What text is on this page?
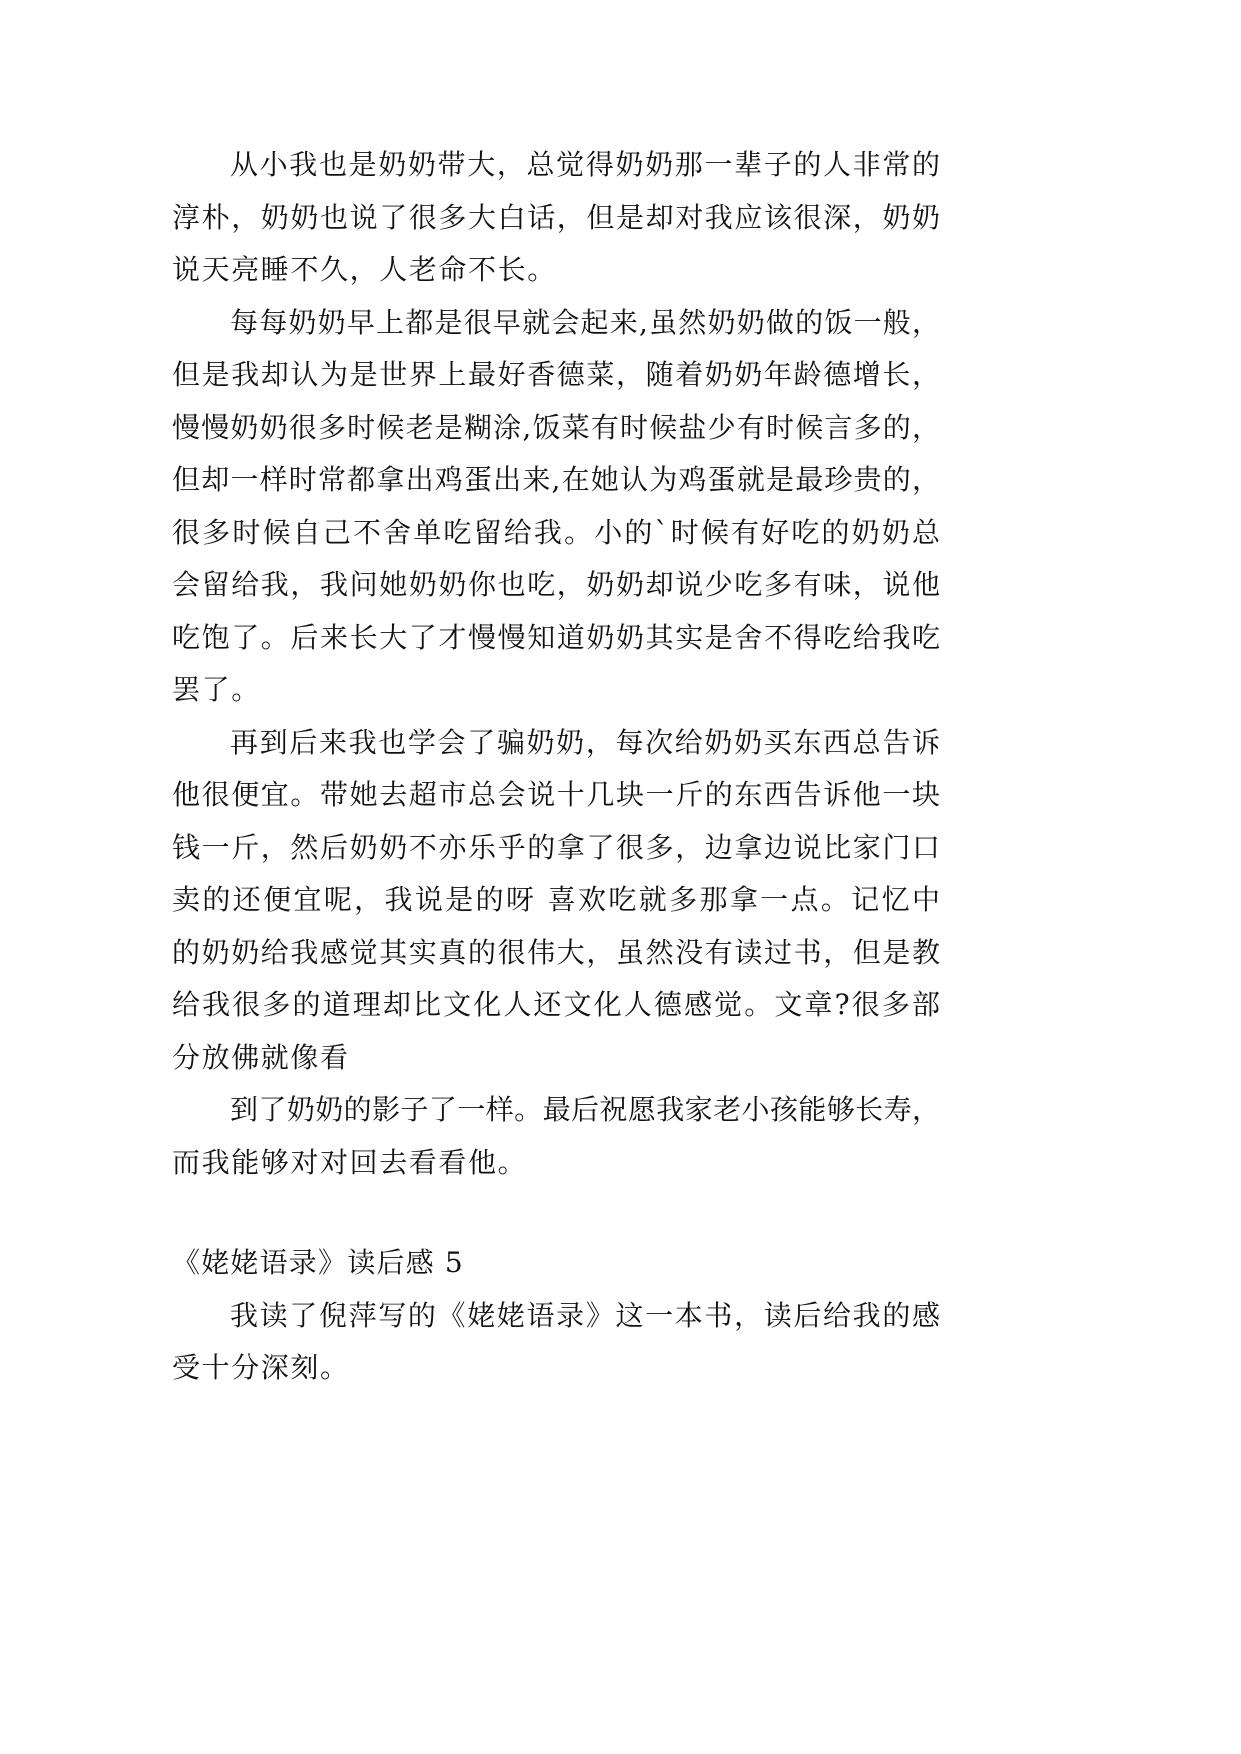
从小我也是奶奶带大，总觉得奶奶那一辈子的人非常的
淳朴，奶奶也说了很多大白话，但是却对我应该很深，奶奶
说天亮睡不久，人老命不长。
每每奶奶早上都是很早就会起来,虽然奶奶做的饭一般，
但是我却认为是世界上最好香德菜，随着奶奶年龄德增长，
慢慢奶奶很多时候老是糊涂,饭菜有时候盐少有时候言多的，
但却一样时常都拿出鸡蛋出来,在她认为鸡蛋就是最珍贵的，
很多时候自己不舍单吃留给我。小的`时候有好吃的奶奶总
会留给我，我问她奶奶你也吃，奶奶却说少吃多有味，说他
吃饱了。后来长大了才慢慢知道奶奶其实是舍不得吃给我吃
罢了。
再到后来我也学会了骗奶奶，每次给奶奶买东西总告诉
他很便宜。带她去超市总会说十几块一斤的东西告诉他一块
钱一斤，然后奶奶不亦乐乎的拿了很多，边拿边说比家门口
卖的还便宜呢，我说是的呀 喜欢吃就多那拿一点。记忆中
的奶奶给我感觉其实真的很伟大，虽然没有读过书，但是教
给我很多的道理却比文化人还文化人德感觉。文章?很多部
分放佛就像看
到了奶奶的影子了一样。最后祝愿我家老小孩能够长寿，
而我能够对对回去看看他。
《姥姥语录》读后感 5
我读了倪萍写的《姥姥语录》这一本书，读后给我的感
受十分深刻。
